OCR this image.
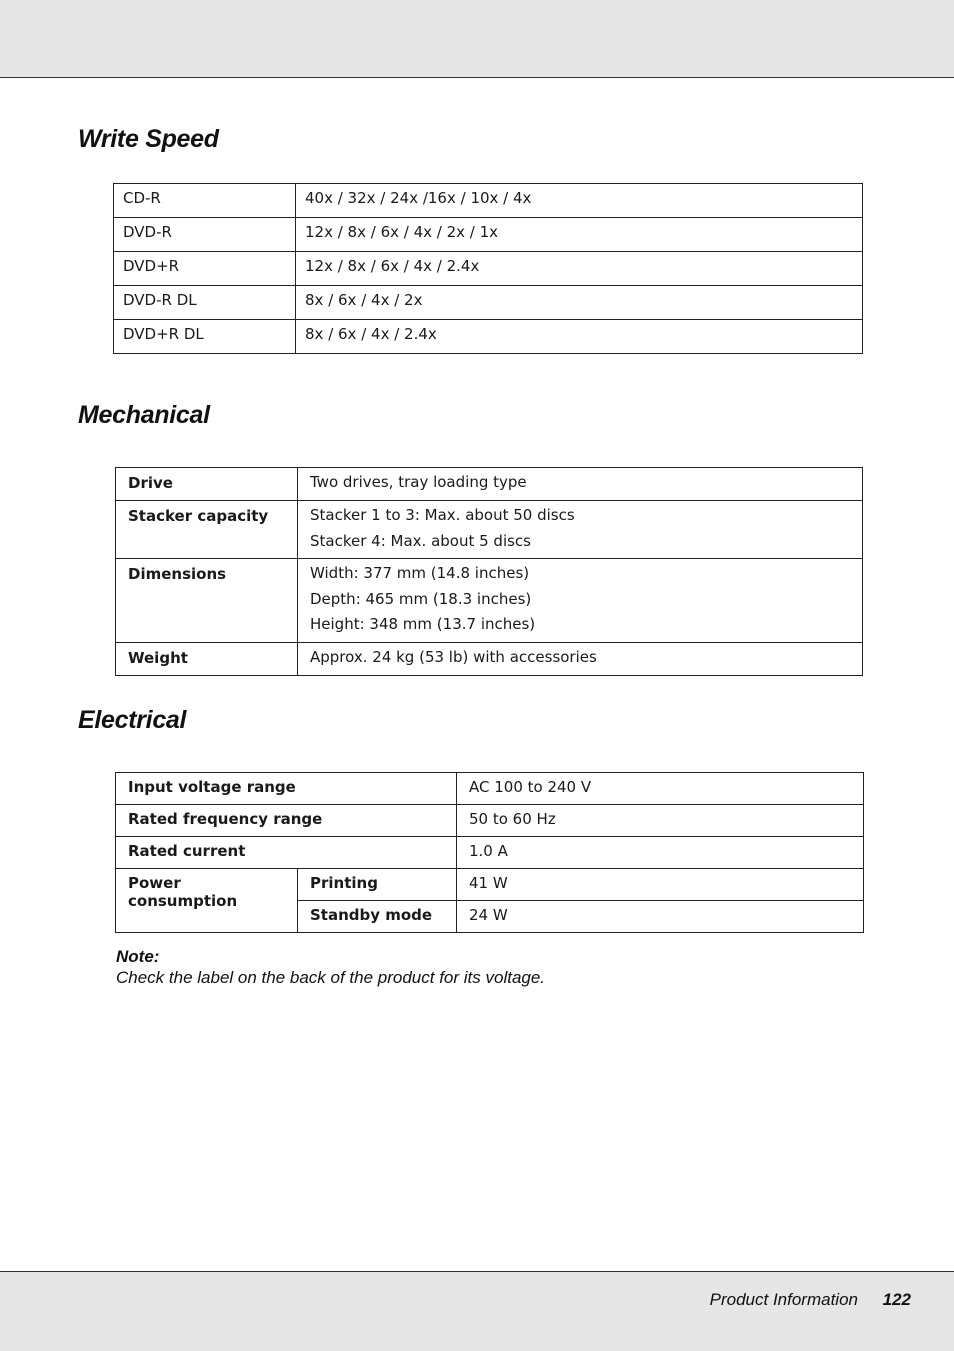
Write Speed
CD-R	40x / 32x / 24x /16x / 10x / 4x
DVD-R	12x / 8x / 6x / 4x / 2x / 1x
DVD+R	12x / 8x / 6x / 4x / 2.4x
DVD-R DL	8x / 6x / 4x / 2x
DVD+R DL	8x / 6x / 4x / 2.4x
Mechanical
Drive	Two drives, tray loading type

Stacker capacity	Stacker 1 to 3: Max. about 50 discs
Stacker 4: Max. about 5 discs

Dimensions	Width: 377 mm (14.8 inches)
Depth: 465 mm (18.3 inches)
Height: 348 mm (13.7 inches)

Weight	Approx. 24 kg (53 lb) with accessories
Electrical
Input voltage range		AC 100 to 240 V
Rated frequency range		50 to 60 Hz
Rated current		1.0 A
Power consumption	Printing	41 W
	Standby mode	24 W
Note:
Check the label on the back of the product for its voltage.
Product Information 122
